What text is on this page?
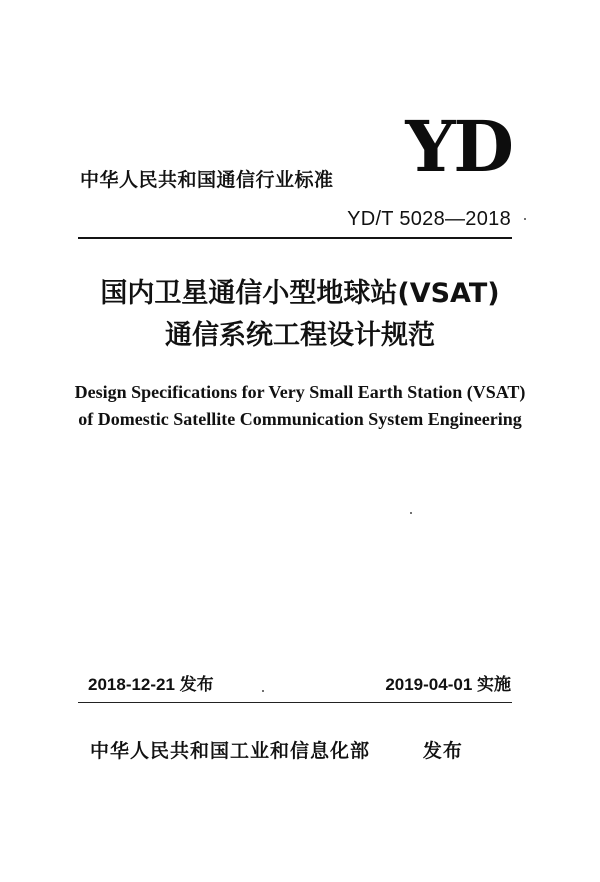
YD
中华人民共和国通信行业标准
YD/T 5028—2018
国内卫星通信小型地球站(VSAT)
通信系统工程设计规范
Design Specifications for Very Small Earth Station (VSAT)
of Domestic Satellite Communication System Engineering
2018-12-21 发布	2019-04-01 实施
中华人民共和国工业和信息化部   发布
